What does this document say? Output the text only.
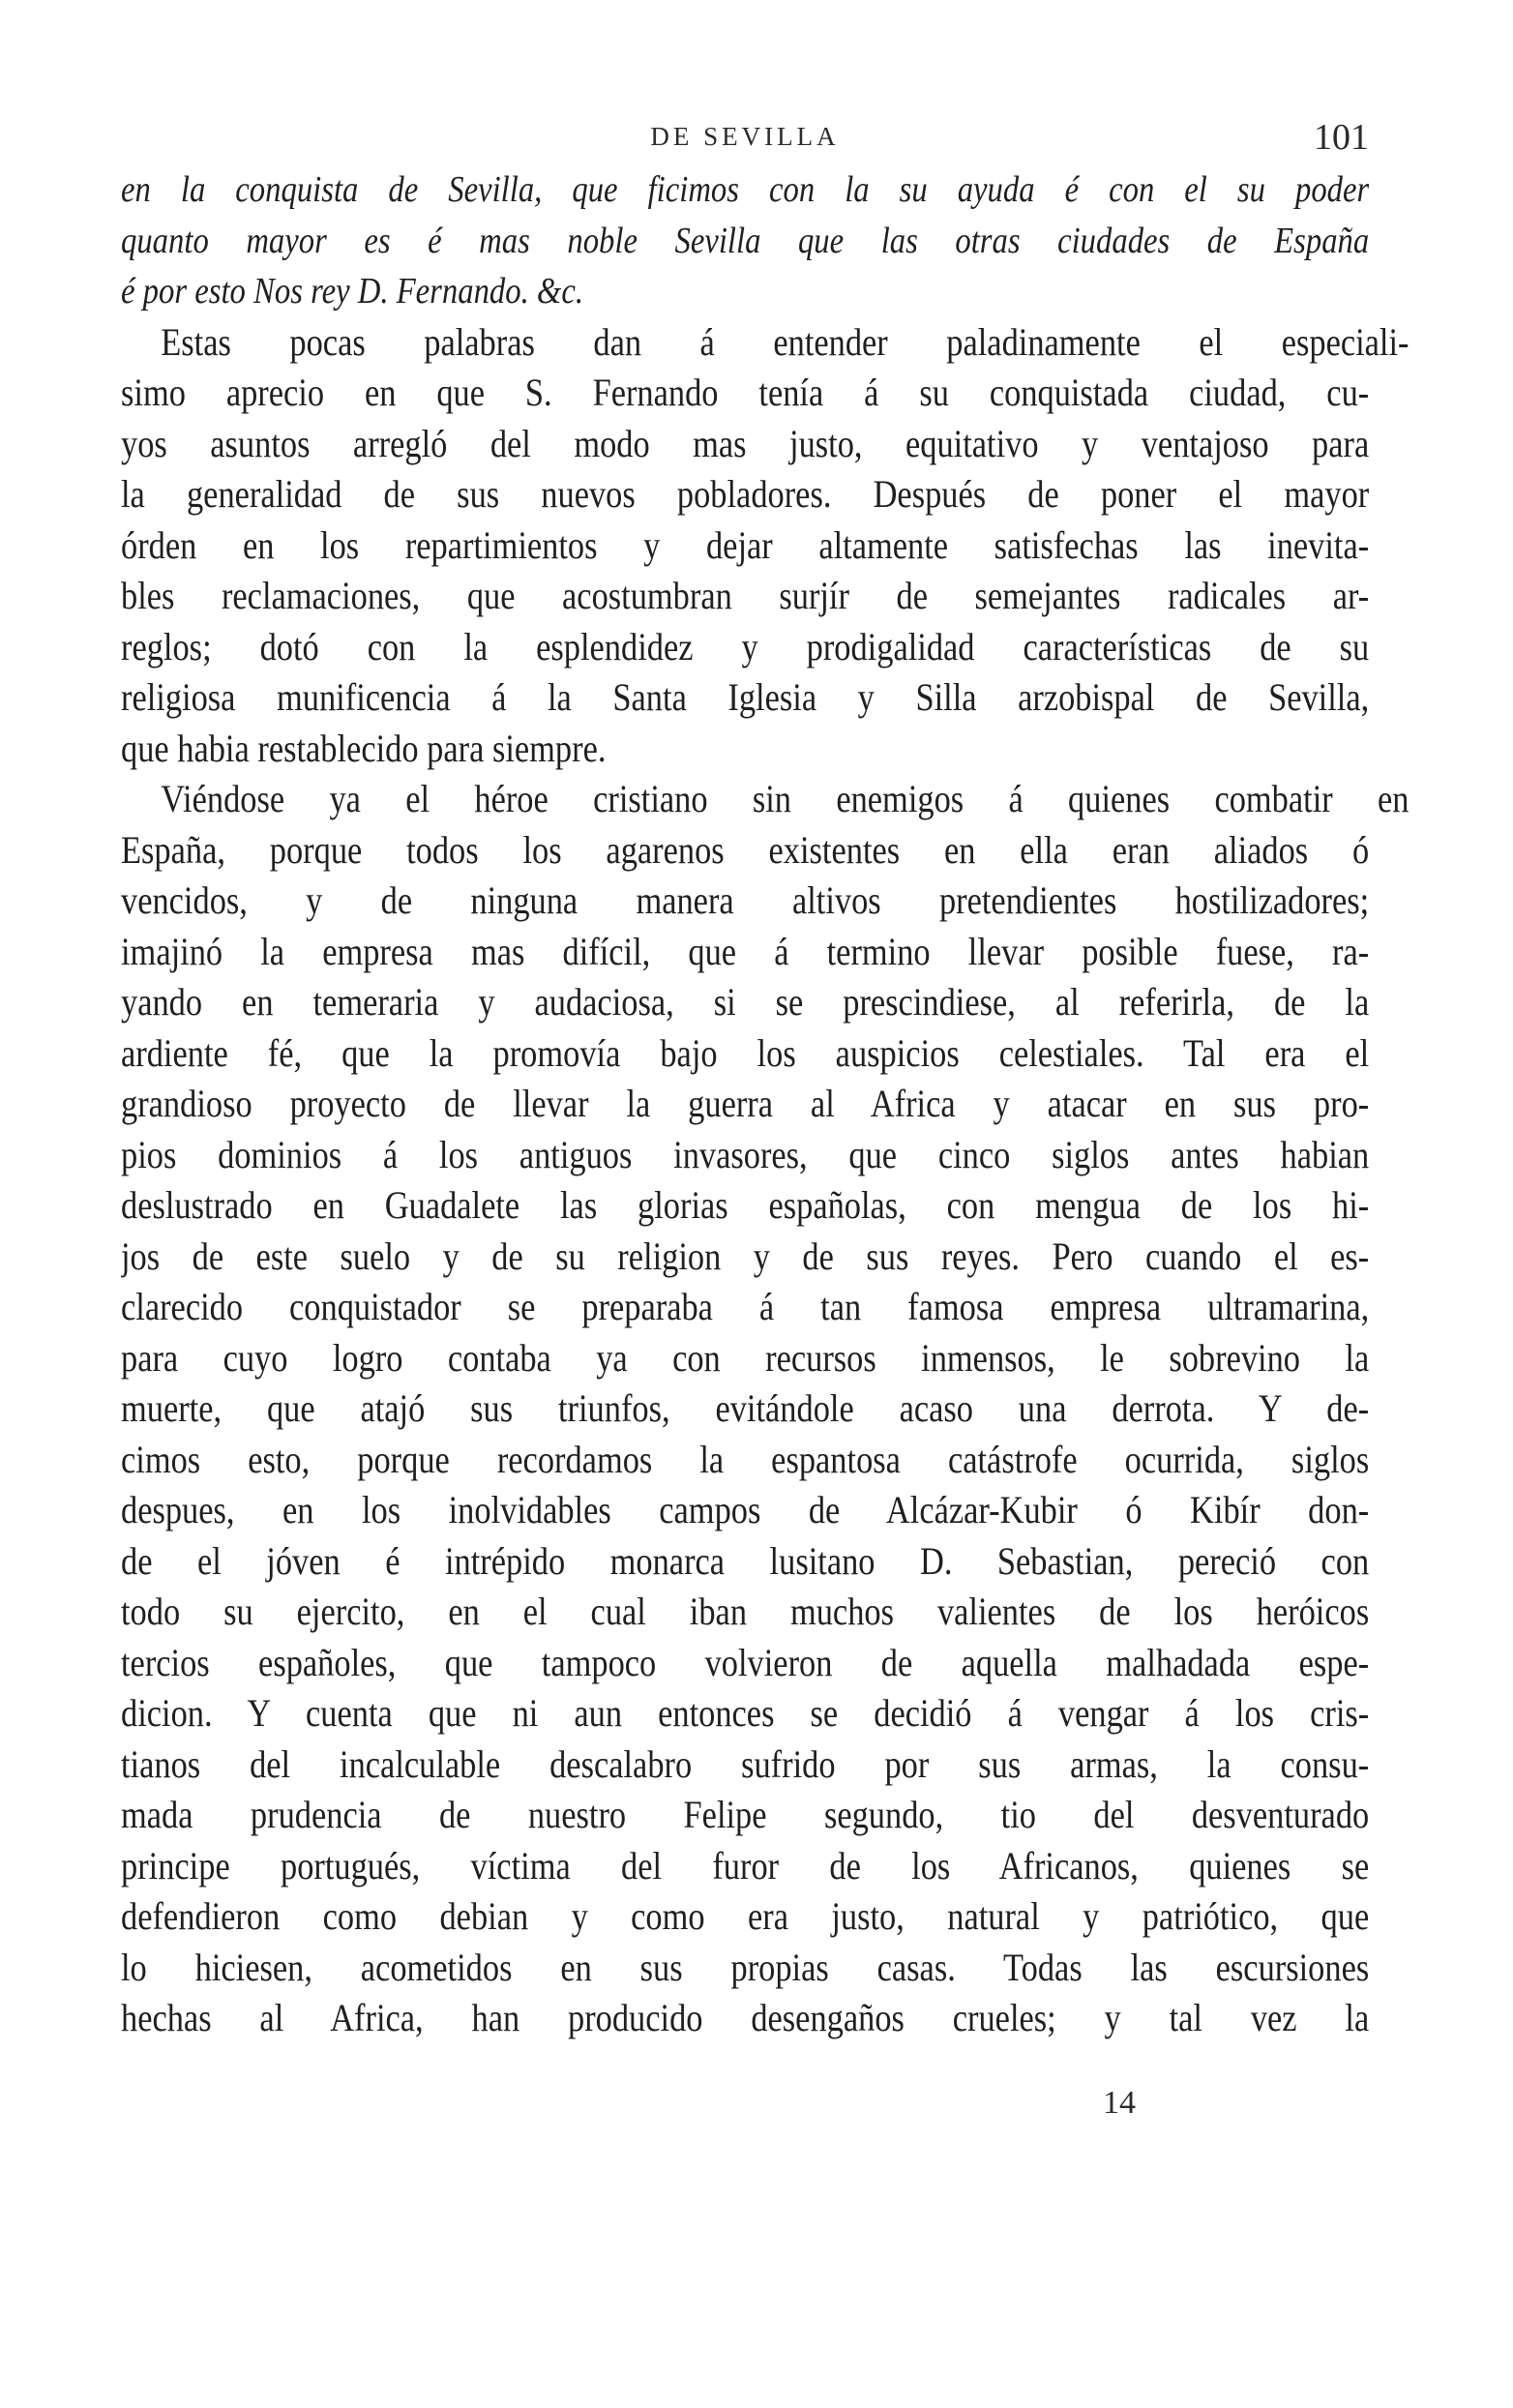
DE SEVILLA	101
en la conquista de Sevilla, que ficimos con la su ayuda é con el su poder
quanto mayor es é mas noble Sevilla que las otras ciudades de España
é por esto Nos rey D. Fernando. &c.
Estas pocas palabras dan á entender paladinamente el especiali-
simo aprecio en que S. Fernando tenía á su conquistada ciudad, cu-
yos asuntos arregló del modo mas justo, equitativo y ventajoso para
la generalidad de sus nuevos pobladores. Después de poner el mayor
órden en los repartimientos y dejar altamente satisfechas las inevita-
bles reclamaciones, que acostumbran surjír de semejantes radicales ar-
reglos; dotó con la esplendidez y prodigalidad características de su
religiosa munificencia á la Santa Iglesia y Silla arzobispal de Sevilla,
que habia restablecido para siempre.
Viéndose ya el héroe cristiano sin enemigos á quienes combatir en
España, porque todos los agarenos existentes en ella eran aliados ó
vencidos, y de ninguna manera altivos pretendientes hostilizadores;
imajinó la empresa mas difícil, que á termino llevar posible fuese, ra-
yando en temeraria y audaciosa, si se prescindiese, al referirla, de la
ardiente fé, que la promovía bajo los auspicios celestiales. Tal era el
grandioso proyecto de llevar la guerra al Africa y atacar en sus pro-
pios dominios á los antiguos invasores, que cinco siglos antes habian
deslustrado en Guadalete las glorias españolas, con mengua de los hi-
jos de este suelo y de su religion y de sus reyes. Pero cuando el es-
clarecido conquistador se preparaba á tan famosa empresa ultramarina,
para cuyo logro contaba ya con recursos inmensos, le sobrevino la
muerte, que atajó sus triunfos, evitándole acaso una derrota. Y de-
cimos esto, porque recordamos la espantosa catástrofe ocurrida, siglos
despues, en los inolvidables campos de Alcázar-Kubir ó Kibír don-
de el jóven é intrépido monarca lusitano D. Sebastian, pereció con
todo su ejercito, en el cual iban muchos valientes de los heróicos
tercios españoles, que tampoco volvieron de aquella malhadada espe-
dicion. Y cuenta que ni aun entonces se decidió á vengar á los cris-
tianos del incalculable descalabro sufrido por sus armas, la consu-
mada prudencia de nuestro Felipe segundo, tio del desventurado
principe portugués, víctima del furor de los Africanos, quienes se
defendieron como debian y como era justo, natural y patriótico, que
lo hiciesen, acometidos en sus propias casas. Todas las escursiones
hechas al Africa, han producido desengaños crueles; y tal vez la
14
